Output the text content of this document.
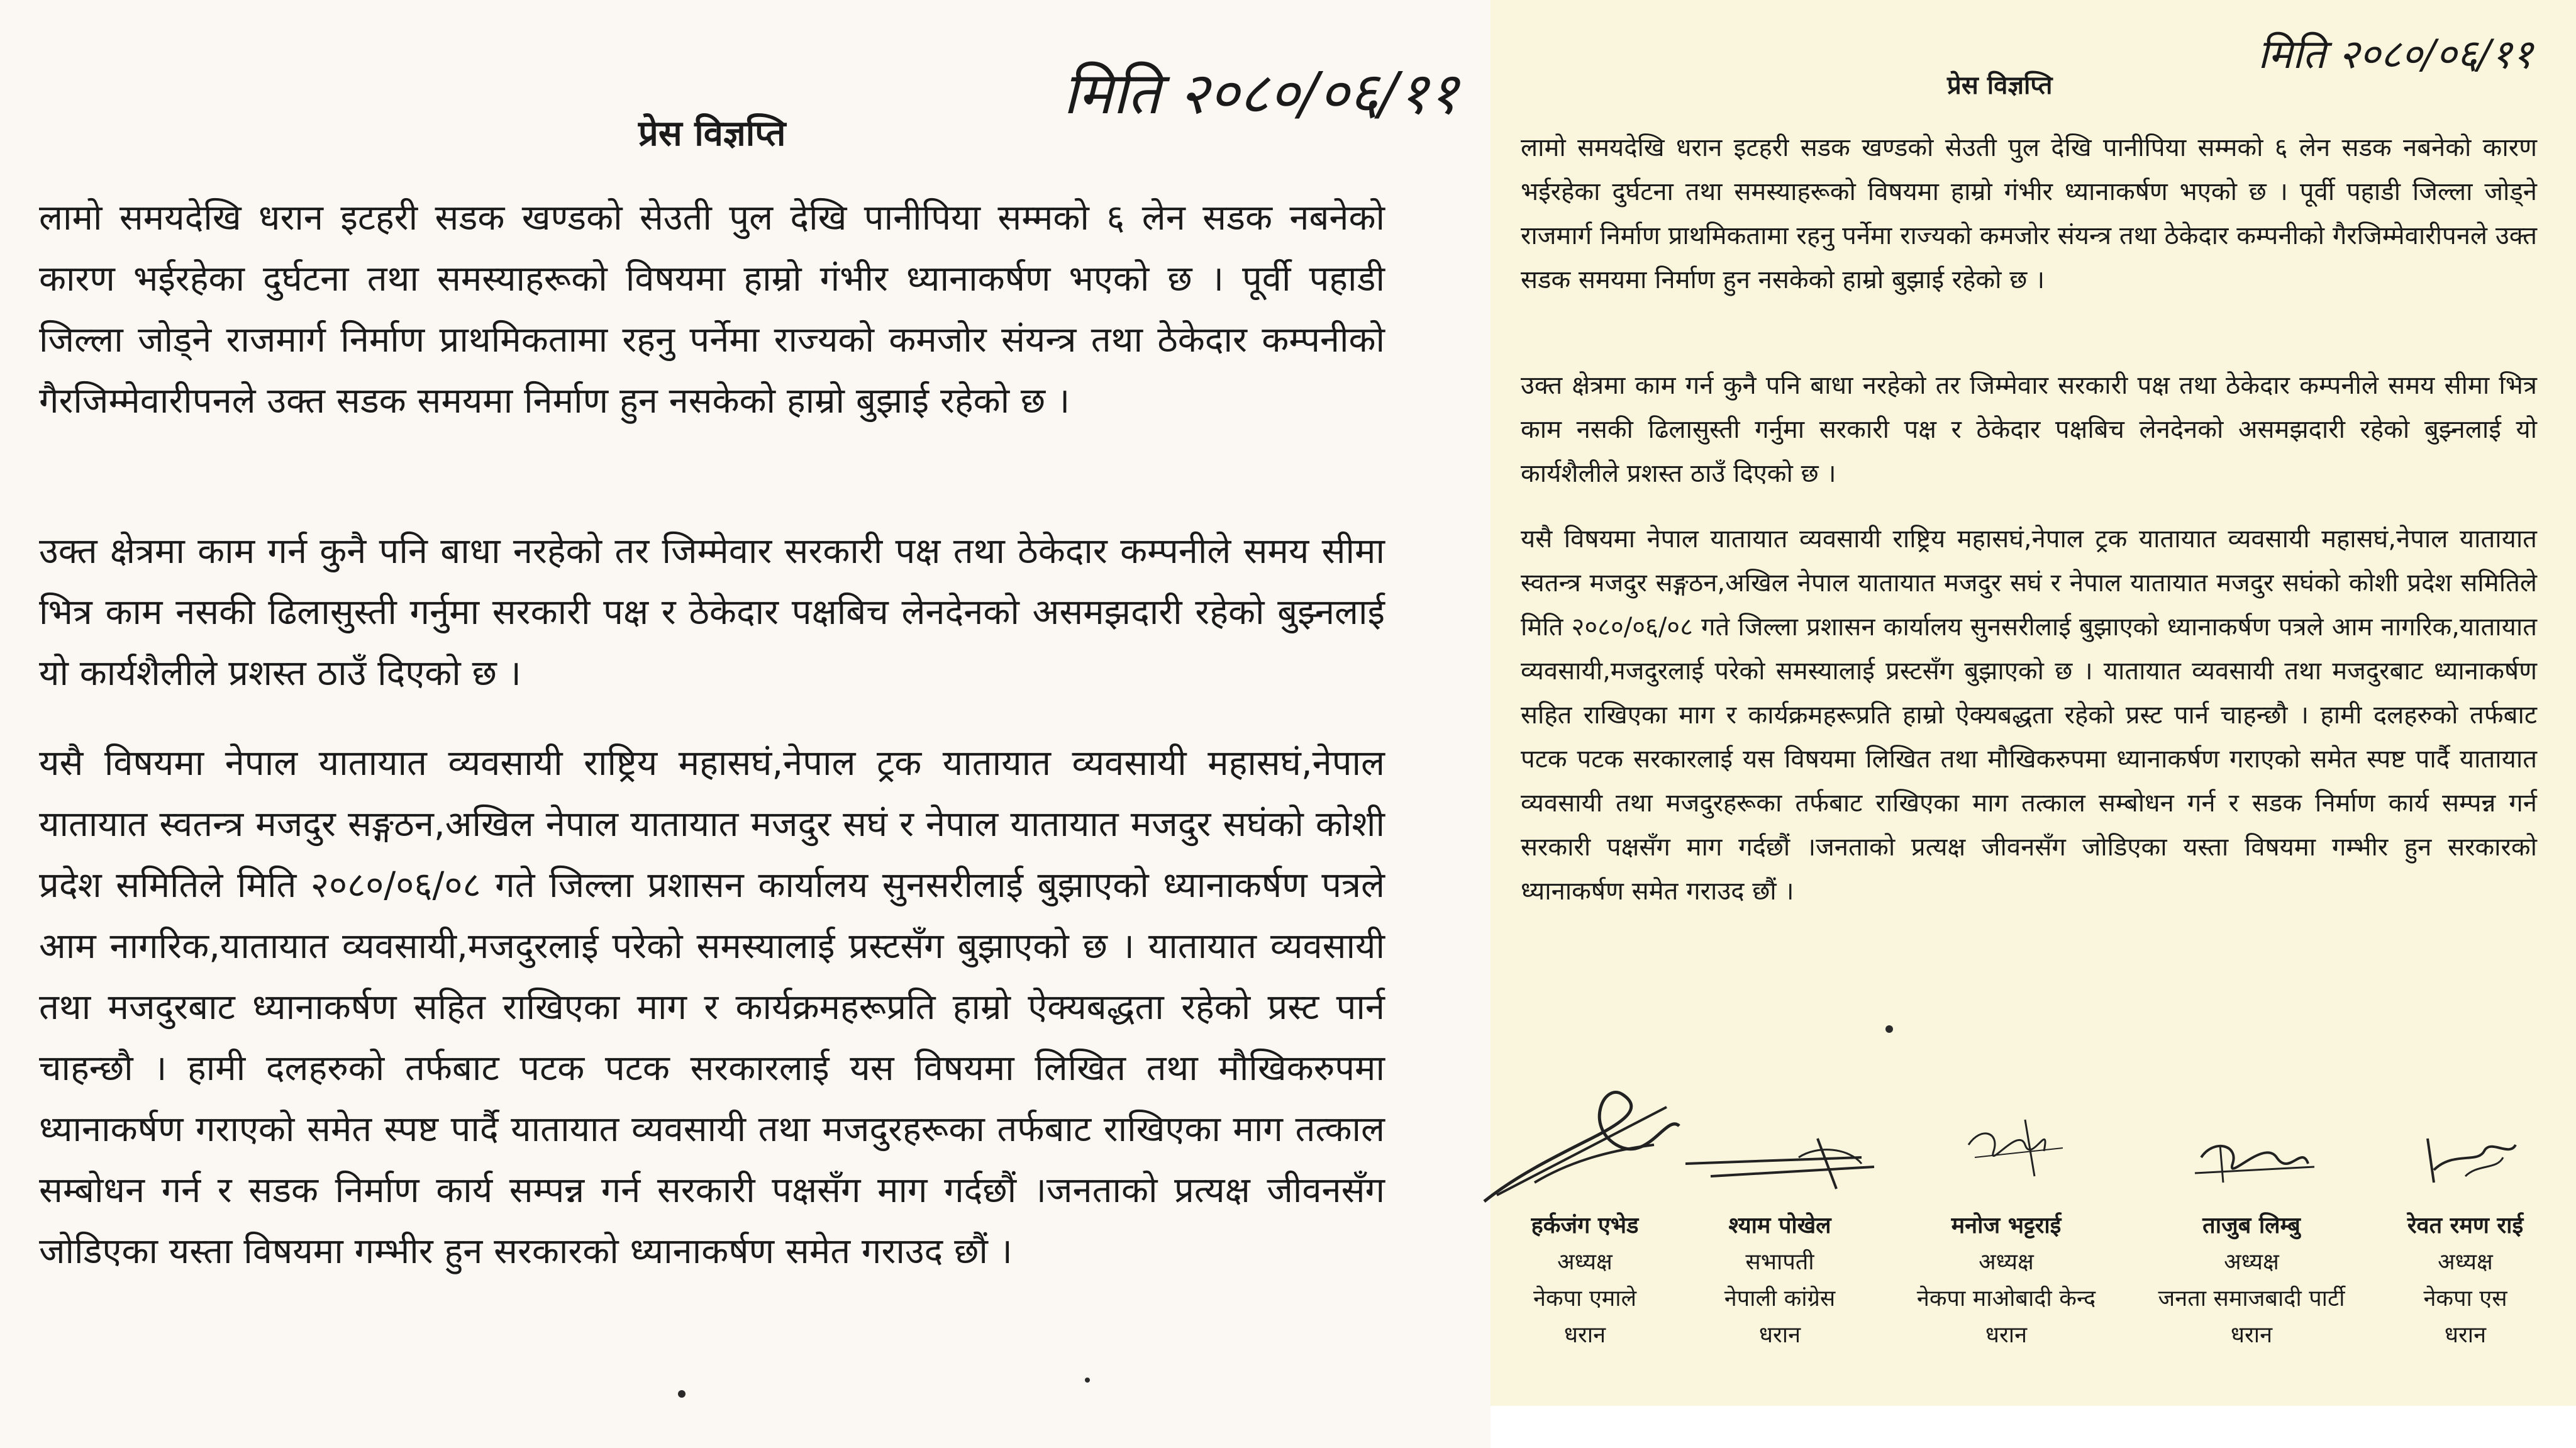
प्रेस विज्ञप्ति
मिति २०८०/०६/११
लामो समयदेखि धरान इटहरी सडक खण्डको सेउती पुल देखि पानीपिया सम्मको ६ लेन सडक नबनेको कारण भईरहेका दुर्घटना तथा समस्याहरूको विषयमा हाम्रो गंभीर ध्यानाकर्षण भएको छ । पूर्वी पहाडी जिल्ला जोड्ने राजमार्ग निर्माण प्राथमिकतामा रहनु पर्नेमा राज्यको कमजोर संयन्त्र तथा ठेकेदार कम्पनीको गैरजिम्मेवारीपनले उक्त सडक समयमा निर्माण हुन नसकेको हाम्रो बुझाई रहेको छ ।
उक्त क्षेत्रमा काम गर्न कुनै पनि बाधा नरहेको तर जिम्मेवार सरकारी पक्ष तथा ठेकेदार कम्पनीले समय सीमा भित्र काम नसकी ढिलासुस्ती गर्नुमा सरकारी पक्ष र ठेकेदार पक्षबिच लेनदेनको असमझदारी रहेको बुझ्नलाई यो कार्यशैलीले प्रशस्त ठाउँ दिएको छ ।
यसै विषयमा नेपाल यातायात व्यवसायी राष्ट्रिय महासघं,नेपाल ट्रक यातायात व्यवसायी महासघं,नेपाल यातायात स्वतन्त्र मजदुर सङ्गठन,अखिल नेपाल यातायात मजदुर सघं र नेपाल यातायात मजदुर सघंको कोशी प्रदेश समितिले मिति २०८०/०६/०८ गते जिल्ला प्रशासन कार्यालय सुनसरीलाई बुझाएको ध्यानाकर्षण पत्रले आम नागरिक,यातायात व्यवसायी,मजदुरलाई परेको समस्यालाई प्रस्टसँग बुझाएको छ । यातायात व्यवसायी तथा मजदुरबाट ध्यानाकर्षण सहित राखिएका माग र कार्यक्रमहरूप्रति हाम्रो ऐक्यबद्धता रहेको प्रस्ट पार्न चाहन्छौ । हामी दलहरुको तर्फबाट पटक पटक सरकारलाई यस विषयमा लिखित तथा मौखिकरुपमा ध्यानाकर्षण गराएको समेत स्पष्ट पार्दै यातायात व्यवसायी तथा मजदुरहरूका तर्फबाट राखिएका माग तत्काल सम्बोधन गर्न र सडक निर्माण कार्य सम्पन्न गर्न सरकारी पक्षसँग माग गर्दछौं ।जनताको प्रत्यक्ष जीवनसँग जोडिएका यस्ता विषयमा गम्भीर हुन सरकारको ध्यानाकर्षण समेत गराउद छौं ।
प्रेस विज्ञप्ति
मिति २०८०/०६/११
लामो समयदेखि धरान इटहरी सडक खण्डको सेउती पुल देखि पानीपिया सम्मको ६ लेन सडक नबनेको कारण भईरहेका दुर्घटना तथा समस्याहरूको विषयमा हाम्रो गंभीर ध्यानाकर्षण भएको छ । पूर्वी पहाडी जिल्ला जोड्ने राजमार्ग निर्माण प्राथमिकतामा रहनु पर्नेमा राज्यको कमजोर संयन्त्र तथा ठेकेदार कम्पनीको गैरजिम्मेवारीपनले उक्त सडक समयमा निर्माण हुन नसकेको हाम्रो बुझाई रहेको छ ।
उक्त क्षेत्रमा काम गर्न कुनै पनि बाधा नरहेको तर जिम्मेवार सरकारी पक्ष तथा ठेकेदार कम्पनीले समय सीमा भित्र काम नसकी ढिलासुस्ती गर्नुमा सरकारी पक्ष र ठेकेदार पक्षबिच लेनदेनको असमझदारी रहेको बुझ्नलाई यो कार्यशैलीले प्रशस्त ठाउँ दिएको छ ।
यसै विषयमा नेपाल यातायात व्यवसायी राष्ट्रिय महासघं,नेपाल ट्रक यातायात व्यवसायी महासघं,नेपाल यातायात स्वतन्त्र मजदुर सङ्गठन,अखिल नेपाल यातायात मजदुर सघं र नेपाल यातायात मजदुर सघंको कोशी प्रदेश समितिले मिति २०८०/०६/०८ गते जिल्ला प्रशासन कार्यालय सुनसरीलाई बुझाएको ध्यानाकर्षण पत्रले आम नागरिक,यातायात व्यवसायी,मजदुरलाई परेको समस्यालाई प्रस्टसँग बुझाएको छ । यातायात व्यवसायी तथा मजदुरबाट ध्यानाकर्षण सहित राखिएका माग र कार्यक्रमहरूप्रति हाम्रो ऐक्यबद्धता रहेको प्रस्ट पार्न चाहन्छौ । हामी दलहरुको तर्फबाट पटक पटक सरकारलाई यस विषयमा लिखित तथा मौखिकरुपमा ध्यानाकर्षण गराएको समेत स्पष्ट पार्दै यातायात व्यवसायी तथा मजदुरहरूका तर्फबाट राखिएका माग तत्काल सम्बोधन गर्न र सडक निर्माण कार्य सम्पन्न गर्न सरकारी पक्षसँग माग गर्दछौं ।जनताको प्रत्यक्ष जीवनसँग जोडिएका यस्ता विषयमा गम्भीर हुन सरकारको ध्यानाकर्षण समेत गराउद छौं ।
हर्कजंग एभेड
अध्यक्ष
नेकपा एमाले
धरान
श्याम पोखेल
सभापती
नेपाली कांग्रेस
धरान
मनोज भट्टराई
अध्यक्ष
नेकपा माओबादी केन्द
धरान
ताजुब लिम्बु
अध्यक्ष
जनता समाजबादी पार्टी
धरान
रेवत रमण राई
अध्यक्ष
नेकपा एस
धरान
